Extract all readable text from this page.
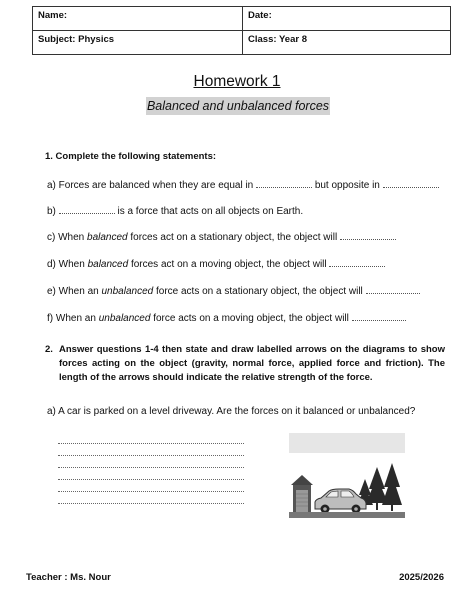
Name:	Date:
Subject: Physics	Class: Year 8
Homework 1
Balanced and unbalanced forces
1. Complete the following statements:
a) Forces are balanced when they are equal in	but opposite in
b)	is a force that acts on all objects on Earth.
c) When balanced forces act on a stationary object, the object will
d) When balanced forces act on a moving object, the object will
e) When an unbalanced force acts on a stationary object, the object will
f) When an unbalanced force acts on a moving object, the object will
2. Answer questions 1-4 then state and draw labelled arrows on the diagrams to show forces acting on the object (gravity, normal force, applied force and friction). The length of the arrows should indicate the relative strength of the force.
a) A car is parked on a level driveway. Are the forces on it balanced or unbalanced?
Teacher : Ms. Nour	2025/2026
